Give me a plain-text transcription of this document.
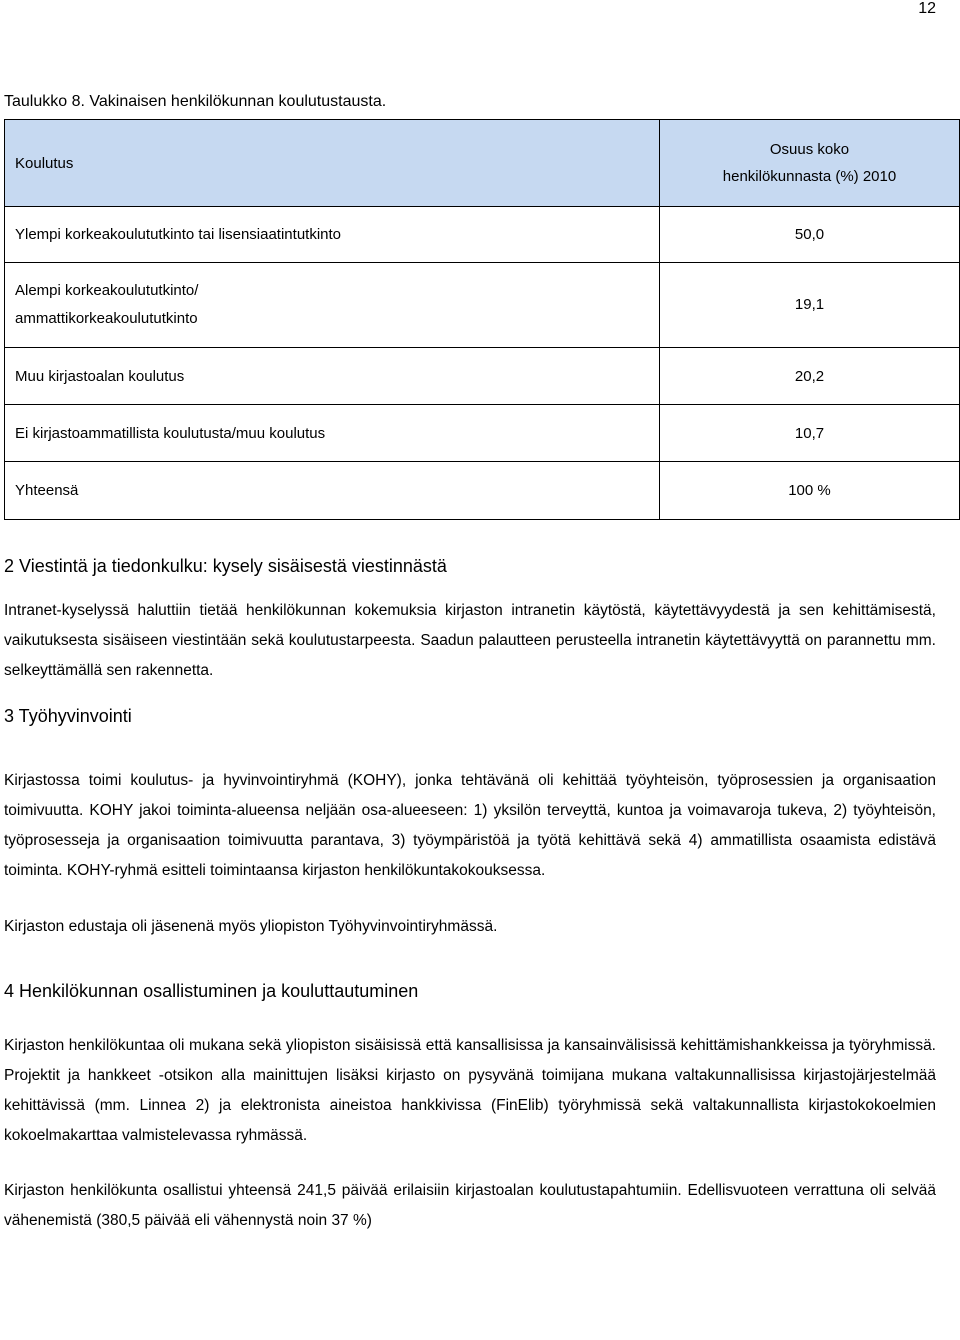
12
Taulukko 8. Vakinaisen henkilökunnan koulutustausta.
Koulutus	Osuus koko
henkilökunnasta (%) 2010
Ylempi korkeakoulututkinto tai lisensiaatintutkinto	50,0
Alempi korkeakoulututkinto/
ammattikorkeakoulututkinto	19,1
Muu kirjastoalan koulutus	20,2
Ei kirjastoammatillista koulutusta/muu koulutus	10,7
Yhteensä	100 %
2 Viestintä ja tiedonkulku: kysely sisäisestä viestinnästä

Intranet-kyselyssä haluttiin tietää henkilökunnan kokemuksia kirjaston intranetin käytöstä, käytettävyydestä ja sen kehittämisestä, vaikutuksesta sisäiseen viestintään sekä koulutustarpeesta. Saadun palautteen perusteella intranetin käytettävyyttä on parannettu mm. selkeyttämällä sen rakennetta.

3 Työhyvinvointi

Kirjastossa toimi koulutus- ja hyvinvointiryhmä (KOHY), jonka tehtävänä oli kehittää työyhteisön, työprosessien ja organisaation toimivuutta. KOHY jakoi toiminta-alueensa neljään osa-alueeseen: 1) yksilön terveyttä, kuntoa ja voimavaroja tukeva, 2) työyhteisön, työprosesseja ja organisaation toimivuutta parantava, 3) työympäristöä ja työtä kehittävä sekä 4) ammatillista osaamista edistävä toiminta. KOHY-ryhmä esitteli toimintaansa kirjaston henkilökuntakokouksessa.

Kirjaston edustaja oli jäsenenä myös yliopiston Työhyvinvointiryhmässä.

4 Henkilökunnan osallistuminen ja kouluttautuminen

Kirjaston henkilökuntaa oli mukana sekä yliopiston sisäisissä että kansallisissa ja kansainvälisissä kehittämishankkeissa ja työryhmissä. Projektit ja hankkeet -otsikon alla mainittujen lisäksi kirjasto on pysyvänä toimijana mukana valtakunnallisissa kirjastojärjestelmää kehittävissä (mm. Linnea 2) ja elektronista aineistoa hankkivissa (FinElib) työryhmissä sekä valtakunnallista kirjastokokoelmien kokoelmakarttaa valmistelevassa ryhmässä.

Kirjaston henkilökunta osallistui yhteensä 241,5 päivää erilaisiin kirjastoalan koulutustapahtumiin. Edellisvuoteen verrattuna oli selvää vähenemistä (380,5 päivää eli vähennystä noin 37 %)
